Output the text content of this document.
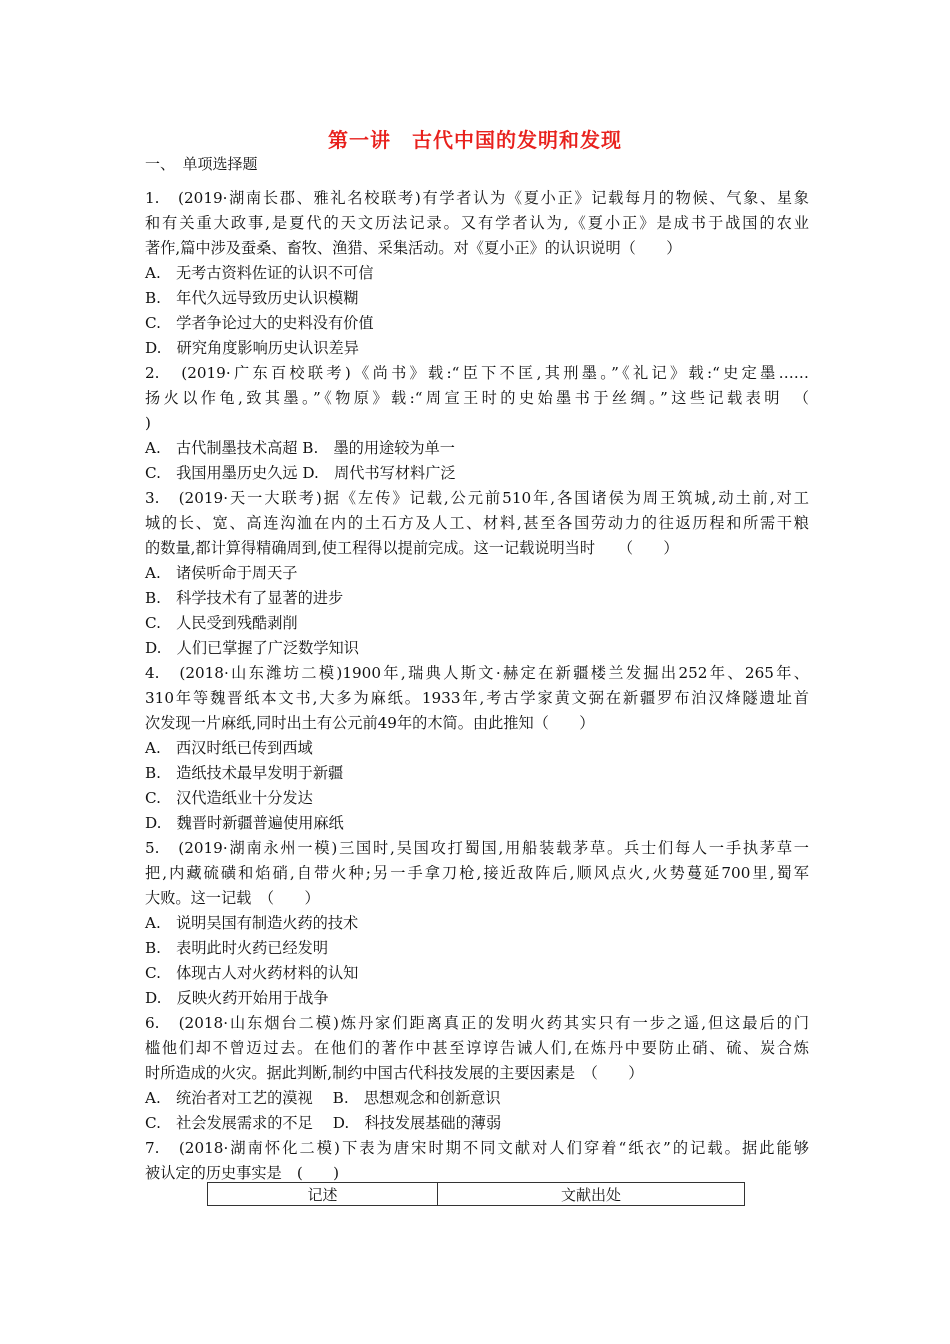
第一讲　古代中国的发明和发现

一、　单项选择题

1.　(2019·湖南长郡、雅礼名校联考)有学者认为《夏小正》记载每月的物候、气象、星象
和有关重大政事,是夏代的天文历法记录。又有学者认为,《夏小正》是成书于战国的农业
著作,篇中涉及蚕桑、畜牧、渔猎、采集活动。对《夏小正》的认识说明（　　）
A.　无考古资料佐证的认识不可信
B.　年代久远导致历史认识模糊
C.　学者争论过大的史料没有价值
D.　研究角度影响历史认识差异
2.　(2019·广东百校联考)《尚书》载:“臣下不匡,其刑墨。”《礼记》载:“史定墨……
扬火以作龟,致其墨。”《物原》载:“周宣王时的史始墨书于丝绸。”这些记载表明　（
)
A.　古代制墨技术高超 B.　墨的用途较为单一
C.　我国用墨历史久远 D.　周代书写材料广泛
3.　(2019·天一大联考)据《左传》记载,公元前510年,各国诸侯为周王筑城,动土前,对工
城的长、宽、高连沟洫在内的土石方及人工、材料,甚至各国劳动力的往返历程和所需干粮
的数量,都计算得精确周到,使工程得以提前完成。这一记载说明当时　　（　　）
A.　诸侯听命于周天子
B.　科学技术有了显著的进步
C.　人民受到残酷剥削
D.　人们已掌握了广泛数学知识
4.　(2018·山东潍坊二模)1900年,瑞典人斯文·赫定在新疆楼兰发掘出252年、265年、
310年等魏晋纸本文书,大多为麻纸。1933年,考古学家黄文弼在新疆罗布泊汉烽隧遗址首
次发现一片麻纸,同时出土有公元前49年的木简。由此推知（　　）
A.　西汉时纸已传到西域
B.　造纸技术最早发明于新疆
C.　汉代造纸业十分发达
D.　魏晋时新疆普遍使用麻纸
5.　(2019·湖南永州一模)三国时,吴国攻打蜀国,用船装载茅草。兵士们每人一手执茅草一
把,内藏硫磺和焰硝,自带火种;另一手拿刀枪,接近敌阵后,顺风点火,火势蔓延700里,蜀军
大败。这一记载　（　　）
A.　说明吴国有制造火药的技术
B.　表明此时火药已经发明
C.　体现古人对火药材料的认知
D.　反映火药开始用于战争
6.　(2018·山东烟台二模)炼丹家们距离真正的发明火药其实只有一步之遥,但这最后的门
槛他们却不曾迈过去。在他们的著作中甚至谆谆告诫人们,在炼丹中要防止硝、硫、炭合炼
时所造成的火灾。据此判断,制约中国古代科技发展的主要因素是　（　　）
A.　统治者对工艺的漠视　 B.　思想观念和创新意识
C.　社会发展需求的不足　 D.　科技发展基础的薄弱
7.　(2018·湖南怀化二模)下表为唐宋时期不同文献对人们穿着“纸衣”的记载。据此能够
被认定的历史事实是　(　　)
记述	文献出处
